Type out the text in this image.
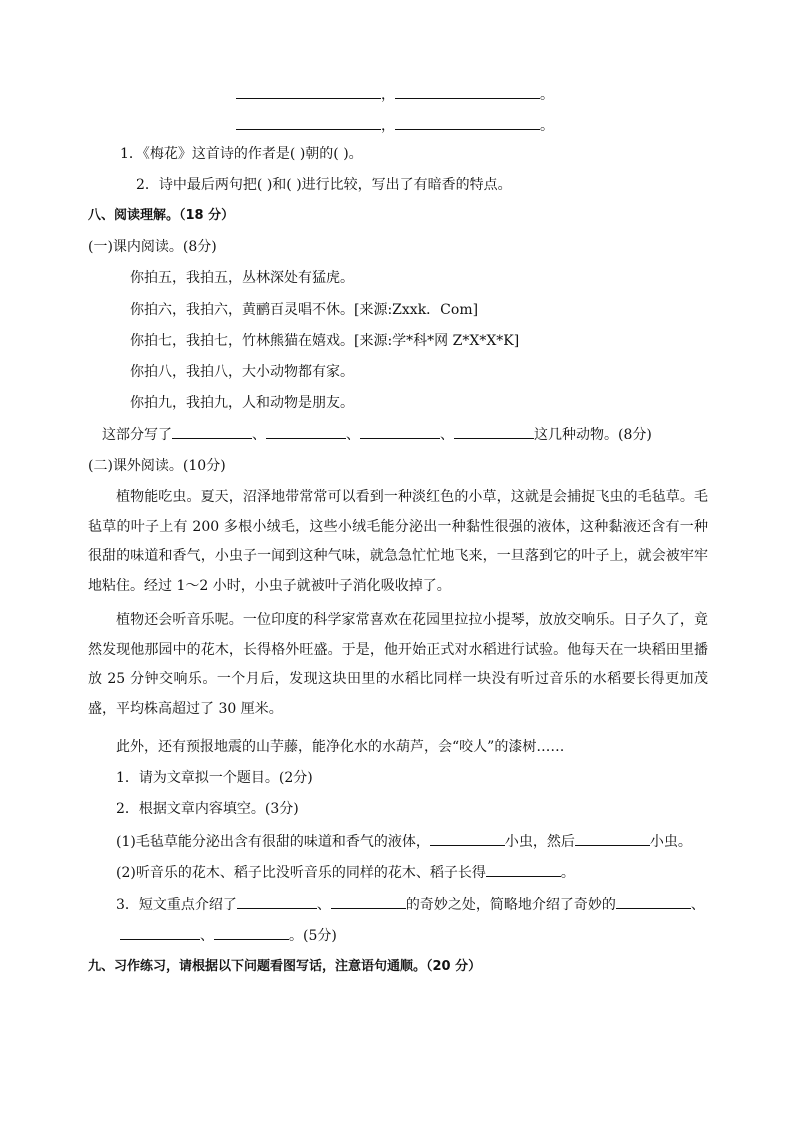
，	。
，	。
1．《梅花》这首诗的作者是( )朝的( )。
2．诗中最后两句把( )和( )进行比较，写出了有暗香的特点。
八、阅读理解。（18 分）
(一)课内阅读。(8分)
你拍五，我拍五，丛林深处有猛虎。
你拍六，我拍六，黄鹂百灵唱不休。[来源:Zxxk．Com]
你拍七，我拍七，竹林熊猫在嬉戏。[来源:学*科*网 Z*X*X*K]
你拍八，我拍八，大小动物都有家。
你拍九，我拍九，人和动物是朋友。
这部分写了	、	、	、	这几种动物。(8分)
(二)课外阅读。(10分)
植物能吃虫。夏天，沼泽地带常常可以看到一种淡红色的小草，这就是会捕捉飞虫的毛毡草。毛毡草的叶子上有 200 多根小绒毛，这些小绒毛能分泌出一种黏性很强的液体，这种黏液还含有一种很甜的味道和香气，小虫子一闻到这种气味，就急急忙忙地飞来，一旦落到它的叶子上，就会被牢牢地粘住。经过 1～2 小时，小虫子就被叶子消化吸收掉了。
植物还会听音乐呢。一位印度的科学家常喜欢在花园里拉拉小提琴，放放交响乐。日子久了，竟然发现他那园中的花木，长得格外旺盛。于是，他开始正式对水稻进行试验。他每天在一块稻田里播放 25 分钟交响乐。一个月后，发现这块田里的水稻比同样一块没有听过音乐的水稻要长得更加茂盛，平均株高超过了 30 厘米。
此外，还有预报地震的山芋藤，能净化水的水葫芦，会“咬人”的漆树……
1．请为文章拟一个题目。(2分)
2．根据文章内容填空。(3分)
(1)毛毡草能分泌出含有很甜的味道和香气的液体，	小虫，然后	小虫。
(2)听音乐的花木、稻子比没听音乐的同样的花木、稻子长得	。
3．短文重点介绍了	、	的奇妙之处，简略地介绍了奇妙的	、
、	。(5分)
九、习作练习，请根据以下问题看图写话，注意语句通顺。（20 分）
